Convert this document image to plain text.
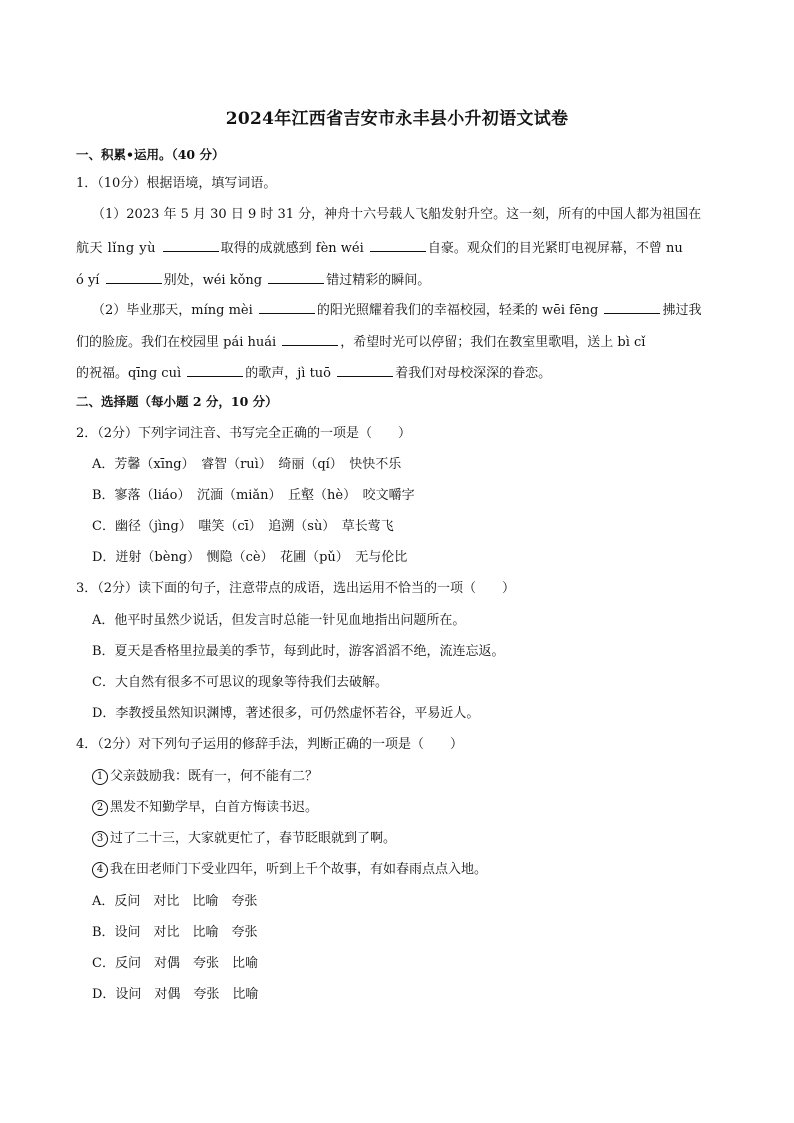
2024年江西省吉安市永丰县小升初语文试卷
一、积累•运用。（40 分）
1．（10分）根据语境，填写词语。
（1）2023 年 5 月 30 日 9 时 31 分，神舟十六号载人飞船发射升空。这一刻，所有的中国人都为祖国在
航天 lǐng yù	取得的成就感到 fèn wéi	自豪。观众们的目光紧盯电视屏幕，不曾 nu
ó yí	别处，wéi kǒng	错过精彩的瞬间。
（2）毕业那天，míng mèi	的阳光照耀着我们的幸福校园，轻柔的 wēi fēng	拂过我
们的脸庞。我们在校园里 pái huái	，希望时光可以停留；我们在教室里歌唱，送上 bì cǐ
的祝福。qīng cuì	的歌声，jì tuō	着我们对母校深深的眷恋。
二、选择题（每小题 2 分，10 分）
2．（2分）下列字词注音、书写完全正确的一项是（　　）
A．芳馨（xīng）　睿智（ruì）　绮丽（qí）　快快不乐
B．寥落（liáo）　沉湎（miǎn）　丘壑（hè）　咬文嚼字
C．幽径（jìng）　嗤笑（cī）　追溯（sù）　草长莺飞
D．迸射（bèng）　恻隐（cè）　花圃（pǔ）　无与伦比
3．（2分）读下面的句子，注意带点的成语，选出运用不恰当的一项（　　）
A．他平时虽然少说话，但发言时总能一针见血地指出问题所在。
B．夏天是香格里拉最美的季节，每到此时，游客滔滔不绝，流连忘返。
C．大自然有很多不可思议的现象等待我们去破解。
D．李教授虽然知识渊博，著述很多，可仍然虚怀若谷，平易近人。
4．（2分）对下列句子运用的修辞手法，判断正确的一项是（　　）
1 父亲鼓励我：既有一，何不能有二？
2 黑发不知勤学早，白首方悔读书迟。
3 过了二十三，大家就更忙了，春节眨眼就到了啊。
4 我在田老师门下受业四年，听到上千个故事，有如春雨点点入地。
A．反问　对比　比喻　夸张
B．设问　对比　比喻　夸张
C．反问　对偶　夸张　比喻
D．设问　对偶　夸张　比喻
